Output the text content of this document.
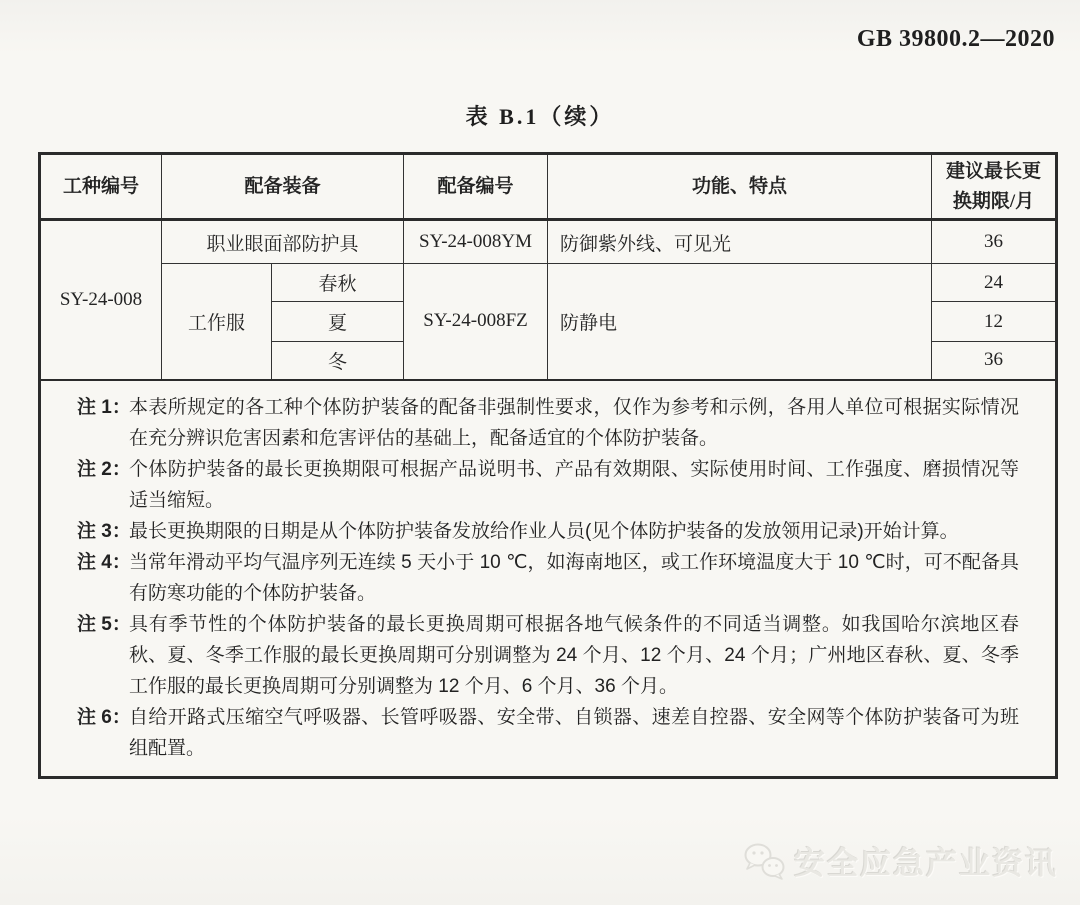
GB 39800.2—2020
表 B.1（续）
工种编号	配备装备		配备编号	功能、特点	建议最长更
换期限/月

SY-24-008	职业眼面部防护具		SY-24-008YM	防御紫外线、可见光	36
	工作服	春秋	SY-24-008FZ	防静电	24
		夏			12
		冬			36

注 1：
本表所规定的各工种个体防护装备的配备非强制性要求，仅作为参考和示例，各用人单位可根据实际情况在充分辨识危害因素和危害评估的基础上，配备适宜的个体防护装备。
注 2：
个体防护装备的最长更换期限可根据产品说明书、产品有效期限、实际使用时间、工作强度、磨损情况等适当缩短。
注 3：
最长更换期限的日期是从个体防护装备发放给作业人员(见个体防护装备的发放领用记录)开始计算。
注 4：
当常年滑动平均气温序列无连续 5 天小于 10 ℃，如海南地区，或工作环境温度大于 10 ℃时，可不配备具有防寒功能的个体防护装备。
注 5：
具有季节性的个体防护装备的最长更换周期可根据各地气候条件的不同适当调整。如我国哈尔滨地区春秋、夏、冬季工作服的最长更换周期可分别调整为 24 个月、12 个月、24 个月；广州地区春秋、夏、冬季工作服的最长更换周期可分别调整为 12 个月、6 个月、36 个月。
注 6：
自给开路式压缩空气呼吸器、长管呼吸器、安全带、自锁器、速差自控器、安全网等个体防护装备可为班组配置。
安全应急产业资讯
